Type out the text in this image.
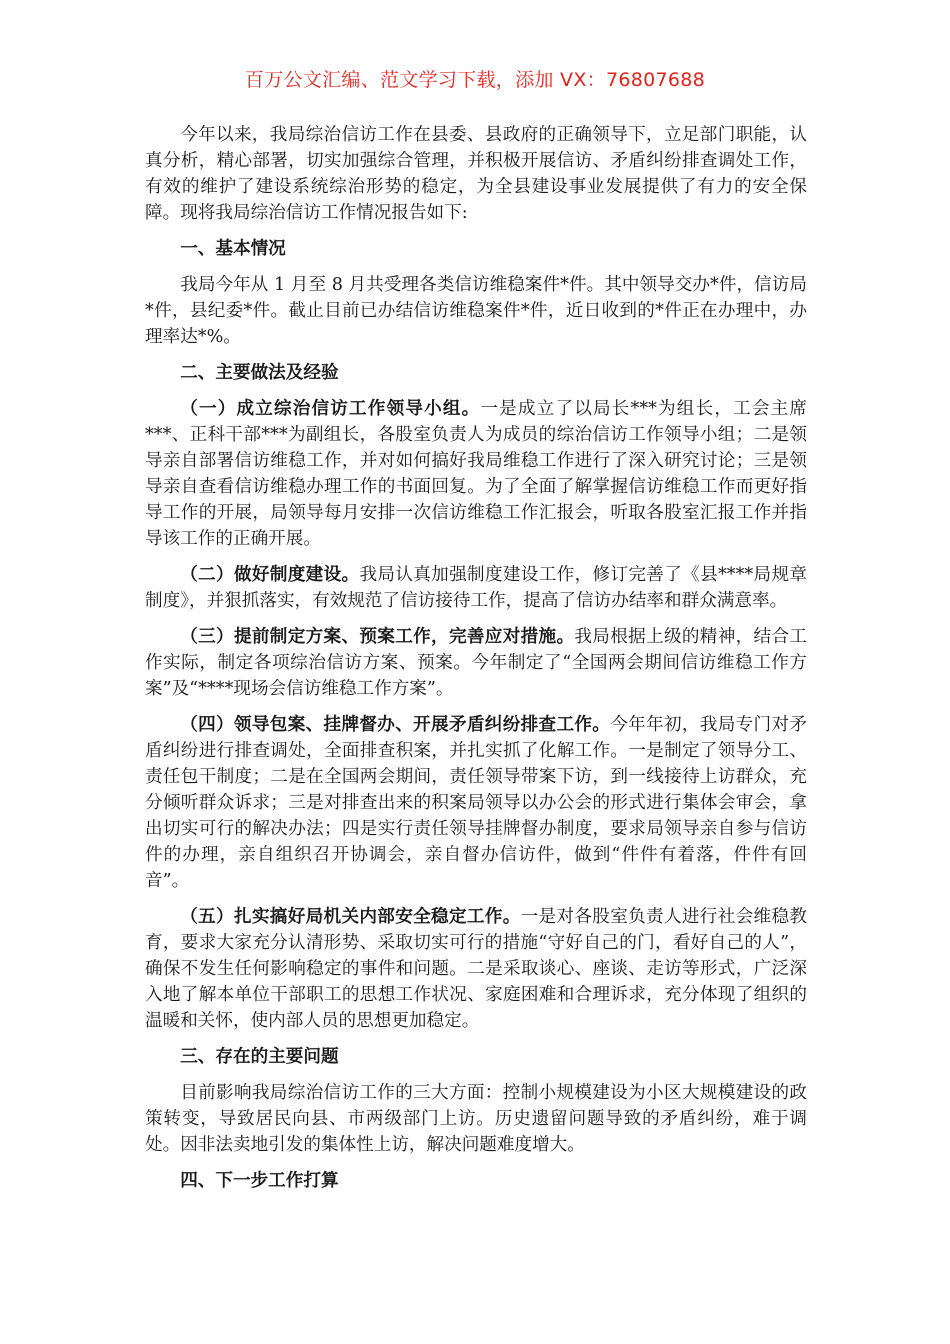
百万公文汇编、范文学习下载，添加 VX：76807688

今年以来，我局综治信访工作在县委、县政府的正确领导下，立足部门职能，认真分析，精心部署，切实加强综合管理，并积极开展信访、矛盾纠纷排查调处工作，有效的维护了建设系统综治形势的稳定，为全县建设事业发展提供了有力的安全保障。现将我局综治信访工作情况报告如下:

一、基本情况

我局今年从 1 月至 8 月共受理各类信访维稳案件*件。其中领导交办*件，信访局*件，县纪委*件。截止目前已办结信访维稳案件*件，近日收到的*件正在办理中，办理率达*%。

二、主要做法及经验

（一）成立综治信访工作领导小组。一是成立了以局长***为组长，工会主席***、正科干部***为副组长，各股室负责人为成员的综治信访工作领导小组；二是领导亲自部署信访维稳工作，并对如何搞好我局维稳工作进行了深入研究讨论；三是领导亲自查看信访维稳办理工作的书面回复。为了全面了解掌握信访维稳工作而更好指导工作的开展，局领导每月安排一次信访维稳工作汇报会，听取各股室汇报工作并指导该工作的正确开展。

（二）做好制度建设。我局认真加强制度建设工作，修订完善了《县****局规章制度》，并狠抓落实，有效规范了信访接待工作，提高了信访办结率和群众满意率。

（三）提前制定方案、预案工作，完善应对措施。我局根据上级的精神，结合工作实际，制定各项综治信访方案、预案。今年制定了“全国两会期间信访维稳工作方案”及“****现场会信访维稳工作方案”。

（四）领导包案、挂牌督办、开展矛盾纠纷排查工作。今年年初，我局专门对矛盾纠纷进行排查调处，全面排查积案，并扎实抓了化解工作。一是制定了领导分工、责任包干制度；二是在全国两会期间，责任领导带案下访，到一线接待上访群众，充分倾听群众诉求；三是对排查出来的积案局领导以办公会的形式进行集体会审会，拿出切实可行的解决办法；四是实行责任领导挂牌督办制度，要求局领导亲自参与信访件的办理，亲自组织召开协调会，亲自督办信访件，做到“件件有着落，件件有回音”。

（五）扎实搞好局机关内部安全稳定工作。一是对各股室负责人进行社会维稳教育，要求大家充分认清形势、采取切实可行的措施“守好自己的门，看好自己的人”，确保不发生任何影响稳定的事件和问题。二是采取谈心、座谈、走访等形式，广泛深入地了解本单位干部职工的思想工作状况、家庭困难和合理诉求，充分体现了组织的温暖和关怀，使内部人员的思想更加稳定。

三、存在的主要问题

目前影响我局综治信访工作的三大方面：控制小规模建设为小区大规模建设的政策转变，导致居民向县、市两级部门上访。历史遗留问题导致的矛盾纠纷，难于调处。因非法卖地引发的集体性上访，解决问题难度增大。

四、下一步工作打算
